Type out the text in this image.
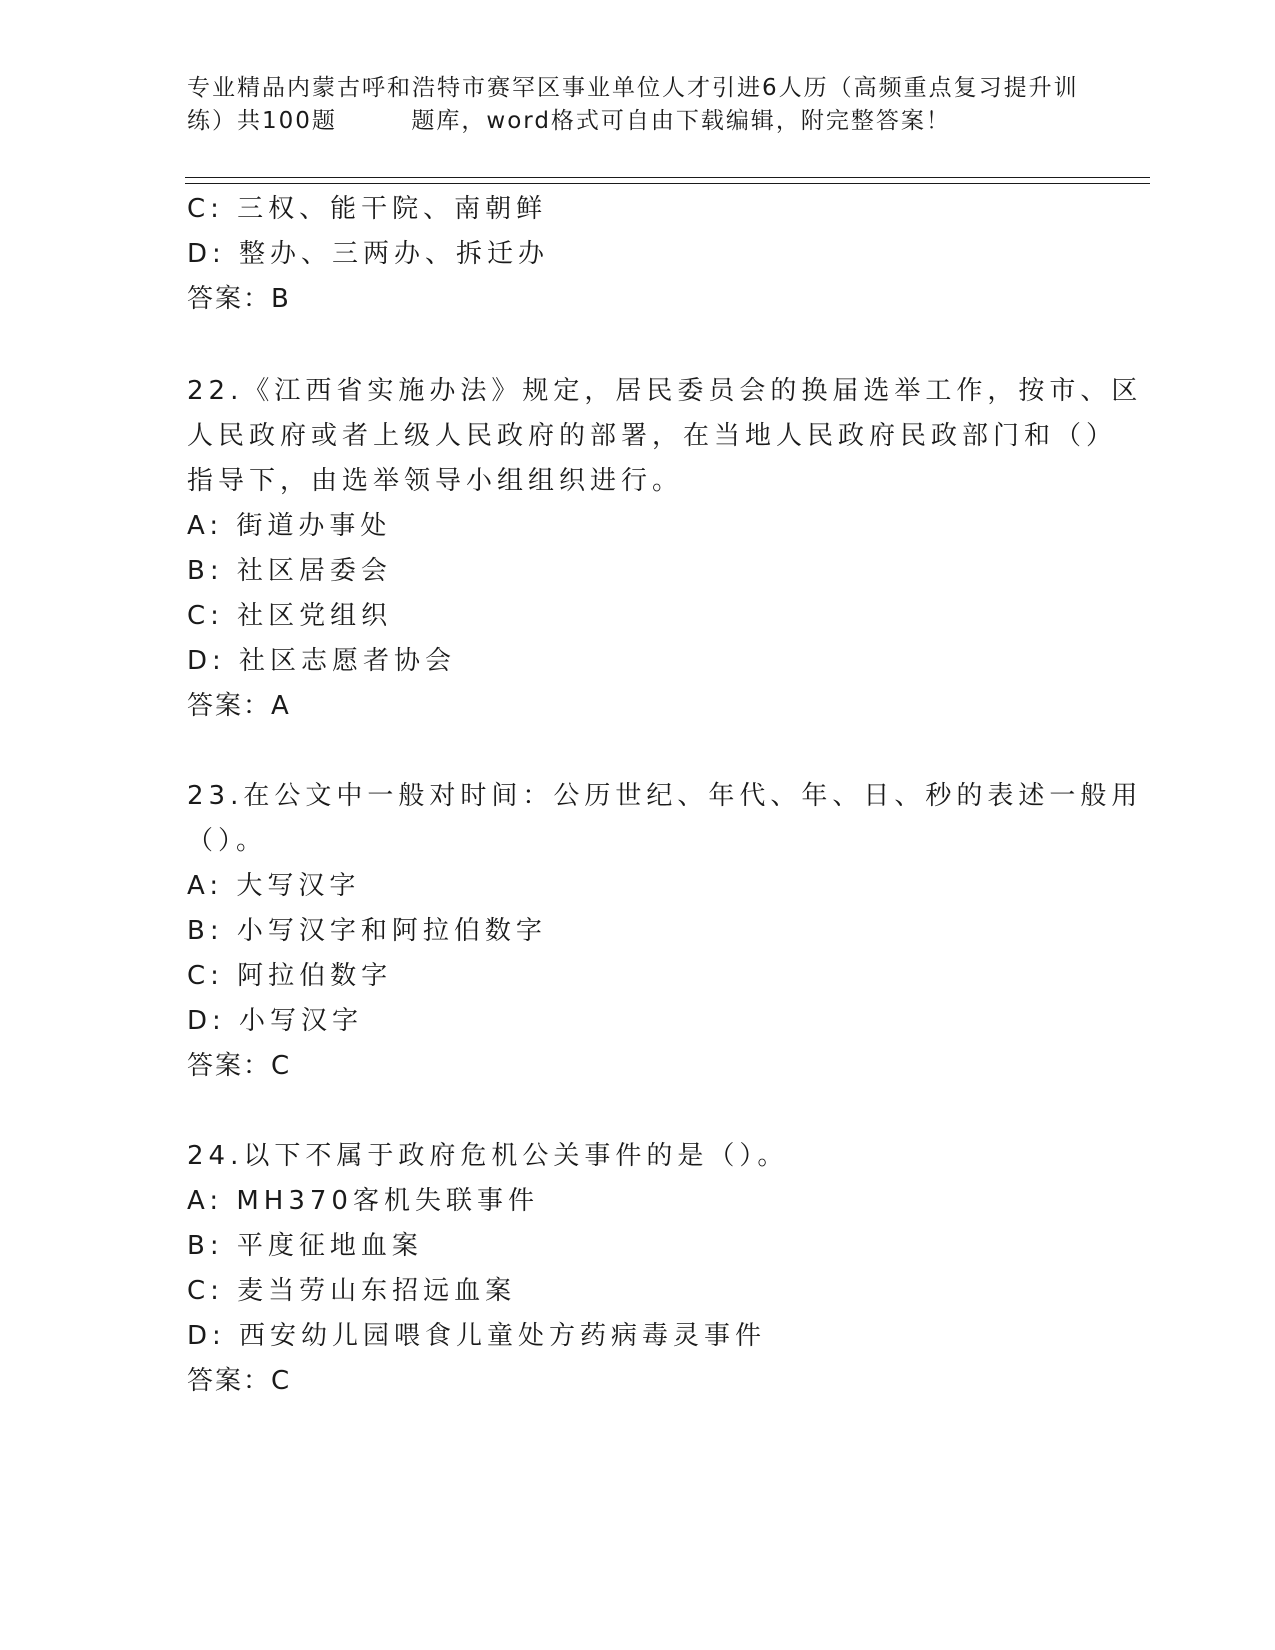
专业精品内蒙古呼和浩特市赛罕区事业单位人才引进6人历（高频重点复习提升训
练）共100题        题库，word格式可自由下载编辑，附完整答案！
C: 三权、能干院、南朝鲜
D: 整办、三两办、拆迁办
答案：B
22.《江西省实施办法》规定，居民委员会的换届选举工作，按市、区
人民政府或者上级人民政府的部署，在当地人民政府民政部门和（）
指导下，由选举领导小组组织进行。
A: 街道办事处
B: 社区居委会
C: 社区党组织
D: 社区志愿者协会
答案：A
23.在公文中一般对时间：公历世纪、年代、年、日、秒的表述一般用
（）。
A: 大写汉字
B: 小写汉字和阿拉伯数字
C: 阿拉伯数字
D: 小写汉字
答案：C
24.以下不属于政府危机公关事件的是（）。
A: MH370客机失联事件
B: 平度征地血案
C: 麦当劳山东招远血案
D: 西安幼儿园喂食儿童处方药病毒灵事件
答案：C
